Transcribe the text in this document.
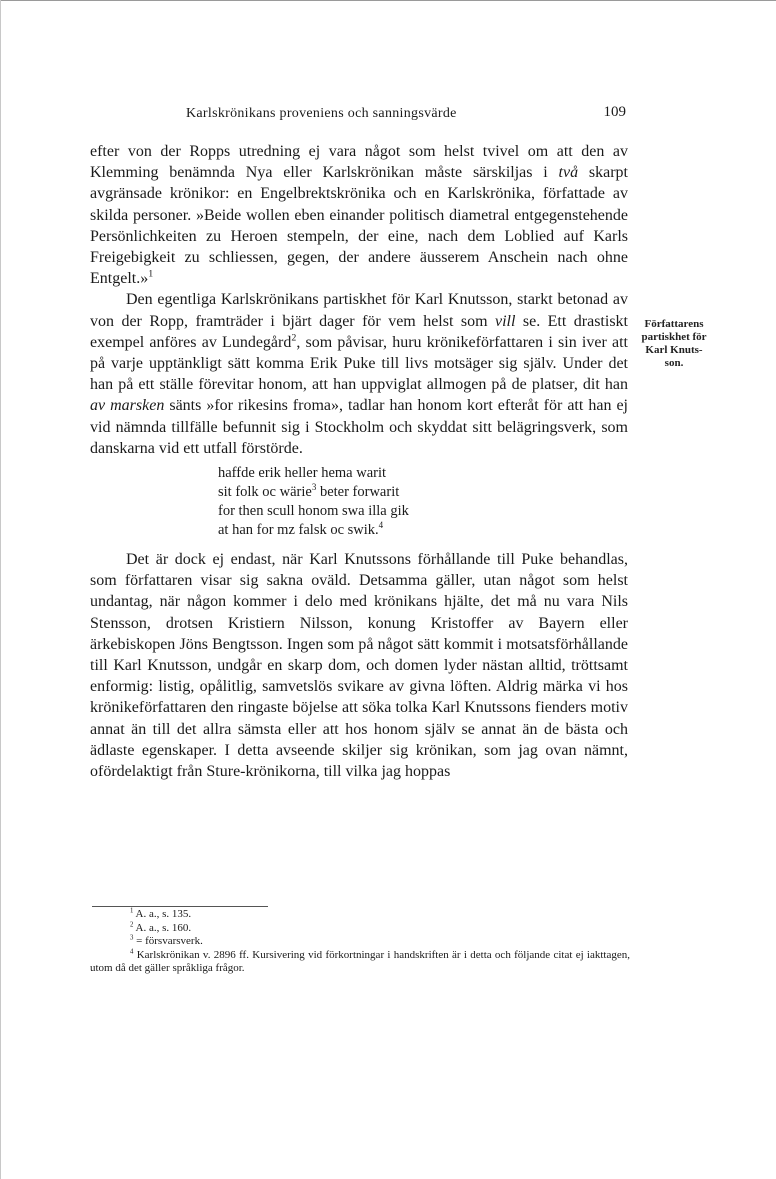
Karlskrönikans proveniens och sanningsvärde	109
Författarens
partiskhet för
Karl Knuts-
son.

efter von der Ropps utredning ej vara något som helst tvivel om att den av Klemming benämnda Nya eller Karlskrönikan måste särskiljas i två skarpt avgränsade krönikor: en Engelbrektskrönika och en Karlskrönika, författade av skilda personer. »Beide wollen eben einander politisch diametral entgegenstehende Persönlichkeiten zu Heroen stempeln, der eine, nach dem Loblied auf Karls Freigebigkeit zu schliessen, gegen, der andere äusserem Anschein nach ohne Entgelt.»$^1$

Den egentliga Karlskrönikans partiskhet för Karl Knutsson, starkt betonad av von der Ropp, framträder i bjärt dager för vem helst som vill se. Ett drastiskt exempel anföres av Lundegård$^2$, som påvisar, huru krönikeförfattaren i sin iver att på varje upptänkligt sätt komma Erik Puke till livs motsäger sig själv. Under det han på ett ställe förevitar honom, att han uppviglat allmogen på de platser, dit han av marsken sänts »for rikesins froma», tadlar han honom kort efteråt för att han ej vid nämnda tillfälle befunnit sig i Stockholm och skyddat sitt belägringsverk, som danskarna vid ett utfall förstörde.

haffde erik heller hema warit
sit folk oc wärie$^3$ beter forwarit
for then scull honom swa illa gik
at han for mz falsk oc swik.$^4$

Det är dock ej endast, när Karl Knutssons förhållande till Puke behandlas, som författaren visar sig sakna oväld. Detsamma gäller, utan något som helst undantag, när någon kommer i delo med krönikans hjälte, det må nu vara Nils Stensson, drotsen Kristiern Nilsson, konung Kristoffer av Bayern eller ärkebiskopen Jöns Bengtsson. Ingen som på något sätt kommit i motsatsförhållande till Karl Knutsson, undgår en skarp dom, och domen lyder nästan alltid, tröttsamt enformig: listig, opålitlig, samvetslös svikare av givna löften. Aldrig märka vi hos krönikeförfattaren den ringaste böjelse att söka tolka Karl Knutssons fienders motiv annat än till det allra sämsta eller att hos honom själv se annat än de bästa och ädlaste egenskaper. I detta avseende skiljer sig krönikan, som jag ovan nämnt, ofördelaktigt från Sture-krönikorna, till vilka jag hoppas

$^1$ A. a., s. 135.
$^2$ A. a., s. 160.
$^3$ = försvarsverk.
$^4$ Karlskrönikan v. 2896 ff. Kursivering vid förkortningar i handskriften är i detta och följande citat ej iakttagen, utom då det gäller språkliga frågor.
